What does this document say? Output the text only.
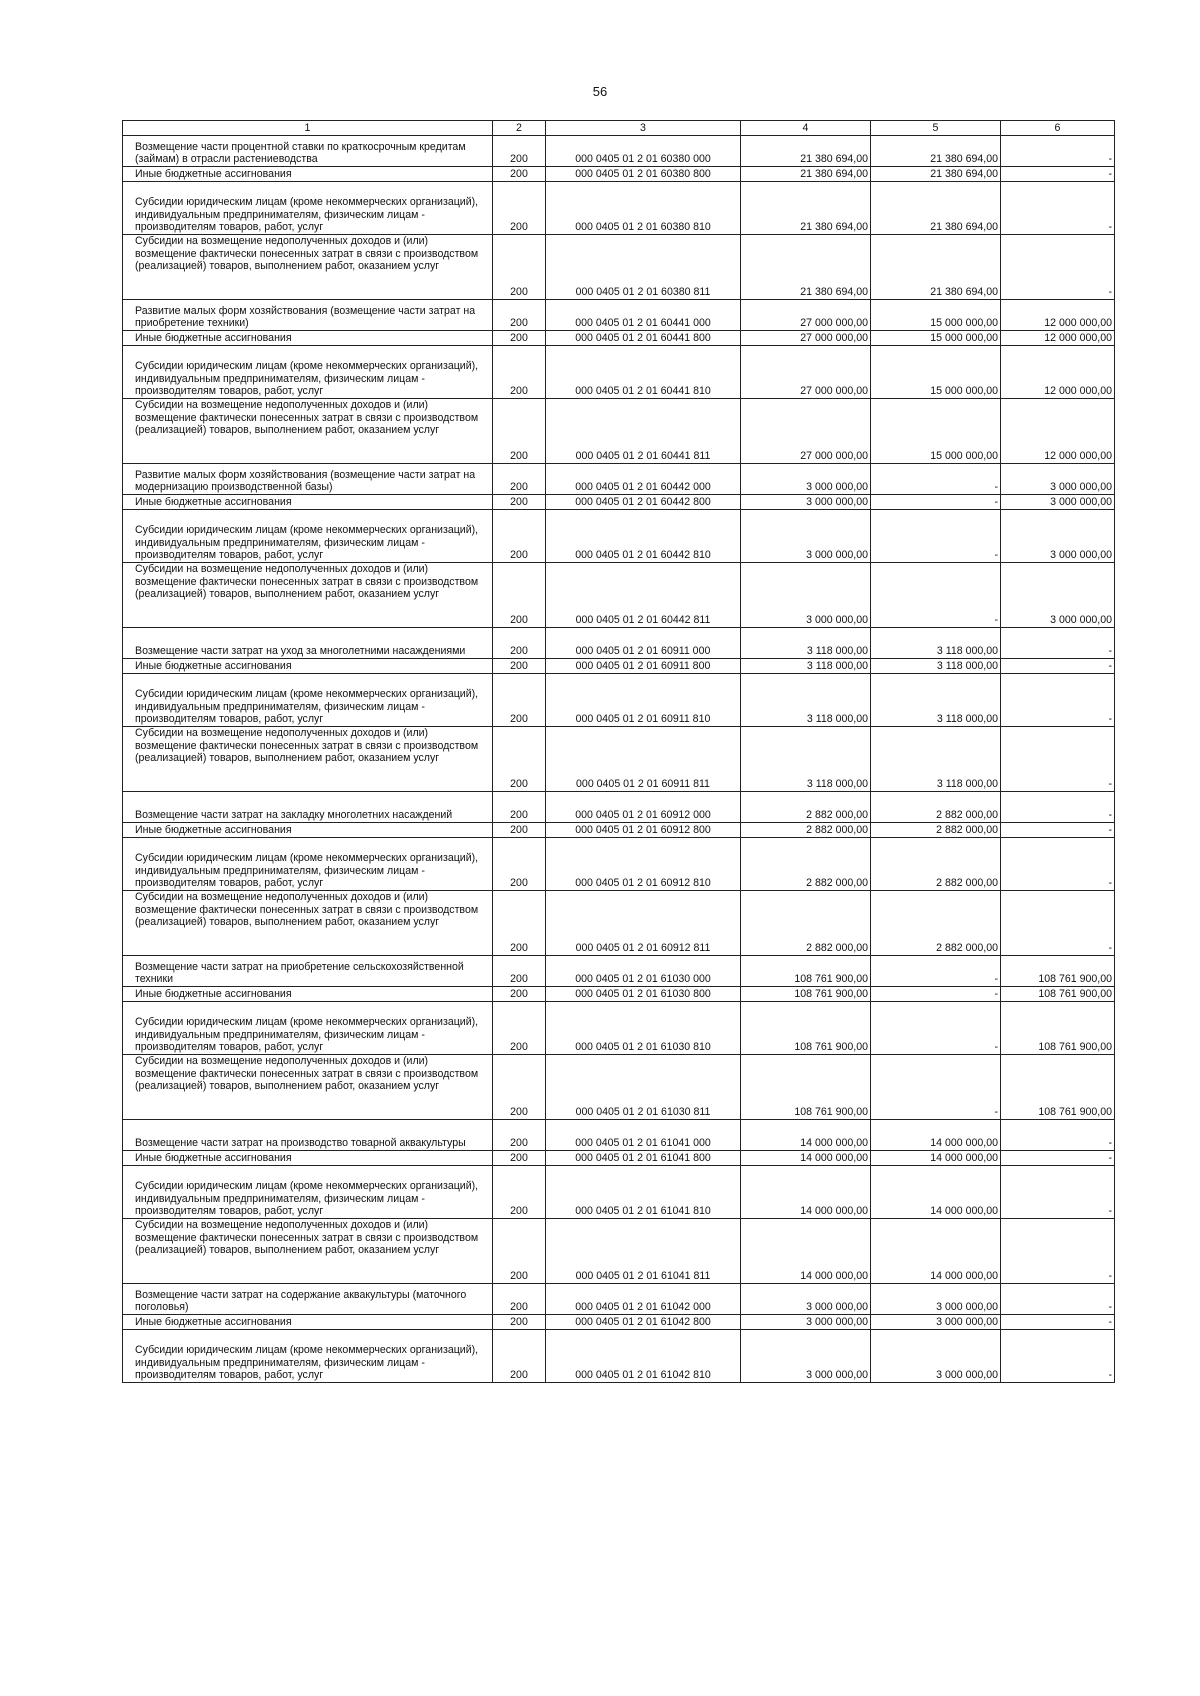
56
1	2	3	4	5	6
Возмещение части процентной ставки по краткосрочным кредитам (займам) в отрасли растениеводства	200	000 0405 01 2 01 60380 000	21 380 694,00	21 380 694,00	-
Иные бюджетные ассигнования	200	000 0405 01 2 01 60380 800	21 380 694,00	21 380 694,00	-
Субсидии юридическим лицам (кроме некоммерческих организаций), индивидуальным предпринимателям, физическим лицам - производителям товаров, работ, услуг	200	000 0405 01 2 01 60380 810	21 380 694,00	21 380 694,00	-
Субсидии на возмещение недополученных доходов и (или) возмещение фактически понесенных затрат в связи с производством (реализацией) товаров, выполнением работ, оказанием услуг	200	000 0405 01 2 01 60380 811	21 380 694,00	21 380 694,00	-
Развитие малых форм хозяйствования (возмещение части затрат на приобретение техники)	200	000 0405 01 2 01 60441 000	27 000 000,00	15 000 000,00	12 000 000,00
Иные бюджетные ассигнования	200	000 0405 01 2 01 60441 800	27 000 000,00	15 000 000,00	12 000 000,00
Субсидии юридическим лицам (кроме некоммерческих организаций), индивидуальным предпринимателям, физическим лицам - производителям товаров, работ, услуг	200	000 0405 01 2 01 60441 810	27 000 000,00	15 000 000,00	12 000 000,00
Субсидии на возмещение недополученных доходов и (или) возмещение фактически понесенных затрат в связи с производством (реализацией) товаров, выполнением работ, оказанием услуг	200	000 0405 01 2 01 60441 811	27 000 000,00	15 000 000,00	12 000 000,00
Развитие малых форм хозяйствования (возмещение части затрат на модернизацию производственной базы)	200	000 0405 01 2 01 60442 000	3 000 000,00	-	3 000 000,00
Иные бюджетные ассигнования	200	000 0405 01 2 01 60442 800	3 000 000,00	-	3 000 000,00
Субсидии юридическим лицам (кроме некоммерческих организаций), индивидуальным предпринимателям, физическим лицам - производителям товаров, работ, услуг	200	000 0405 01 2 01 60442 810	3 000 000,00	-	3 000 000,00
Субсидии на возмещение недополученных доходов и (или) возмещение фактически понесенных затрат в связи с производством (реализацией) товаров, выполнением работ, оказанием услуг	200	000 0405 01 2 01 60442 811	3 000 000,00	-	3 000 000,00
Возмещение части затрат на уход за многолетними насаждениями	200	000 0405 01 2 01 60911 000	3 118 000,00	3 118 000,00	-
Иные бюджетные ассигнования	200	000 0405 01 2 01 60911 800	3 118 000,00	3 118 000,00	-
Субсидии юридическим лицам (кроме некоммерческих организаций), индивидуальным предпринимателям, физическим лицам - производителям товаров, работ, услуг	200	000 0405 01 2 01 60911 810	3 118 000,00	3 118 000,00	-
Субсидии на возмещение недополученных доходов и (или) возмещение фактически понесенных затрат в связи с производством (реализацией) товаров, выполнением работ, оказанием услуг	200	000 0405 01 2 01 60911 811	3 118 000,00	3 118 000,00	-
Возмещение части затрат на закладку многолетних насаждений	200	000 0405 01 2 01 60912 000	2 882 000,00	2 882 000,00	-
Иные бюджетные ассигнования	200	000 0405 01 2 01 60912 800	2 882 000,00	2 882 000,00	-
Субсидии юридическим лицам (кроме некоммерческих организаций), индивидуальным предпринимателям, физическим лицам - производителям товаров, работ, услуг	200	000 0405 01 2 01 60912 810	2 882 000,00	2 882 000,00	-
Субсидии на возмещение недополученных доходов и (или) возмещение фактически понесенных затрат в связи с производством (реализацией) товаров, выполнением работ, оказанием услуг	200	000 0405 01 2 01 60912 811	2 882 000,00	2 882 000,00	-
Возмещение части затрат на приобретение сельскохозяйственной техники	200	000 0405 01 2 01 61030 000	108 761 900,00	-	108 761 900,00
Иные бюджетные ассигнования	200	000 0405 01 2 01 61030 800	108 761 900,00	-	108 761 900,00
Субсидии юридическим лицам (кроме некоммерческих организаций), индивидуальным предпринимателям, физическим лицам - производителям товаров, работ, услуг	200	000 0405 01 2 01 61030 810	108 761 900,00	-	108 761 900,00
Субсидии на возмещение недополученных доходов и (или) возмещение фактически понесенных затрат в связи с производством (реализацией) товаров, выполнением работ, оказанием услуг	200	000 0405 01 2 01 61030 811	108 761 900,00	-	108 761 900,00
Возмещение части затрат на производство товарной аквакультуры	200	000 0405 01 2 01 61041 000	14 000 000,00	14 000 000,00	-
Иные бюджетные ассигнования	200	000 0405 01 2 01 61041 800	14 000 000,00	14 000 000,00	-
Субсидии юридическим лицам (кроме некоммерческих организаций), индивидуальным предпринимателям, физическим лицам - производителям товаров, работ, услуг	200	000 0405 01 2 01 61041 810	14 000 000,00	14 000 000,00	-
Субсидии на возмещение недополученных доходов и (или) возмещение фактически понесенных затрат в связи с производством (реализацией) товаров, выполнением работ, оказанием услуг	200	000 0405 01 2 01 61041 811	14 000 000,00	14 000 000,00	-
Возмещение части затрат на содержание аквакультуры (маточного поголовья)	200	000 0405 01 2 01 61042 000	3 000 000,00	3 000 000,00	-
Иные бюджетные ассигнования	200	000 0405 01 2 01 61042 800	3 000 000,00	3 000 000,00	-
Субсидии юридическим лицам (кроме некоммерческих организаций), индивидуальным предпринимателям, физическим лицам - производителям товаров, работ, услуг	200	000 0405 01 2 01 61042 810	3 000 000,00	3 000 000,00	-
